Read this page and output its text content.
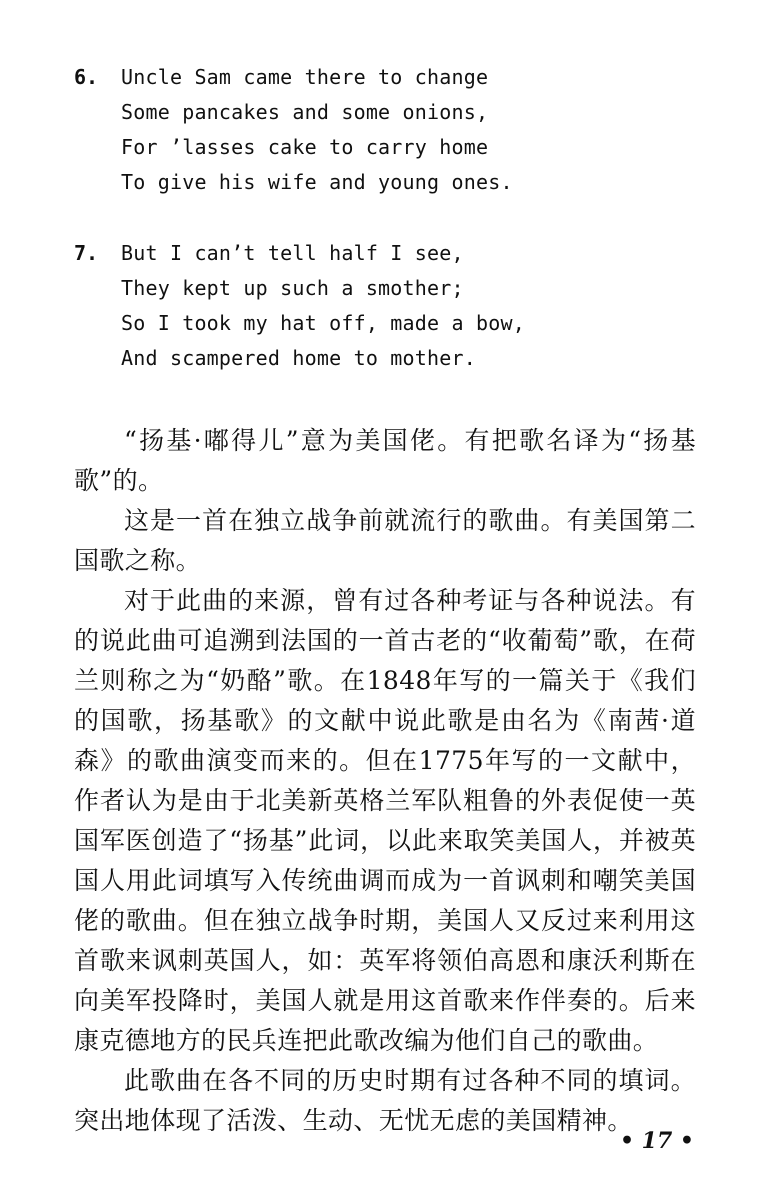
6. Uncle Sam came there to change
Some pancakes and some onions,
For ’lasses cake to carry home
To give his wife and young ones.
7. But I can’t tell half I see,
They kept up such a smother;
So I took my hat off, made a bow,
And scampered home to mother.

“扬基·嘟得儿”意为美国佬。有把歌名译为“扬基歌”的。

这是一首在独立战争前就流行的歌曲。有美国第二国歌之称。

对于此曲的来源，曾有过各种考证与各种说法。有的说此曲可追溯到法国的一首古老的“收葡萄”歌，在荷兰则称之为“奶酪”歌。在1848年写的一篇关于《我们的国歌，扬基歌》的文献中说此歌是由名为《南茜·道森》的歌曲演变而来的。但在1775年写的一文献中，作者认为是由于北美新英格兰军队粗鲁的外表促使一英国军医创造了“扬基”此词，以此来取笑美国人，并被英国人用此词填写入传统曲调而成为一首讽刺和嘲笑美国佬的歌曲。但在独立战争时期，美国人又反过来利用这首歌来讽刺英国人，如：英军将领伯高恩和康沃利斯在向美军投降时，美国人就是用这首歌来作伴奏的。后来康克德地方的民兵连把此歌改编为他们自己的歌曲。

此歌曲在各不同的历史时期有过各种不同的填词。突出地体现了活泼、生动、无忧无虑的美国精神。

• 17 •
